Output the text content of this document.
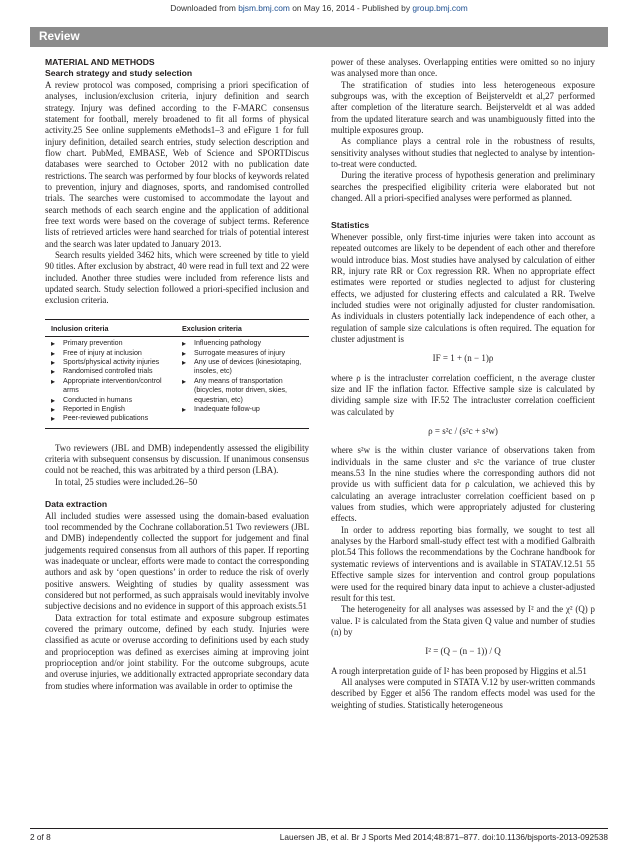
Downloaded from bjsm.bmj.com on May 16, 2014 - Published by group.bmj.com
Review
MATERIAL AND METHODS
Search strategy and study selection

A review protocol was composed, comprising a priori specification of analyses, inclusion/exclusion criteria, injury definition and search strategy. Injury was defined according to the F-MARC consensus statement for football, merely broadened to fit all forms of physical activity.25 See online supplements eMethods1–3 and eFigure 1 for full injury definition, detailed search entries, study selection description and flow chart. PubMed, EMBASE, Web of Science and SPORTDiscus databases were searched to October 2012 with no publication date restrictions. The search was performed by four blocks of keywords related to prevention, injury and diagnoses, sports, and randomised controlled trials. The searches were customised to accommodate the layout and search methods of each search engine and the application of additional free text words were based on the coverage of subject terms. Reference lists of retrieved articles were hand searched for trials of potential interest and the search was later updated to January 2013.

Search results yielded 3462 hits, which were screened by title to yield 90 titles. After exclusion by abstract, 40 were read in full text and 22 were included. Another three studies were included from reference lists and updated search. Study selection followed a priori-specified inclusion and exclusion criteria.

Inclusion criteria	Exclusion criteria
▸ Primary prevention
▸ Free of injury at inclusion
▸ Sports/physical activity injuries
▸ Randomised controlled trials
▸ Appropriate intervention/control arms
▸ Conducted in humans
▸ Reported in English
▸ Peer-reviewed publications
▸ Influencing pathology
▸ Surrogate measures of injury
▸ Any use of devices (kinesiotaping, insoles, etc)
▸ Any means of transportation (bicycles, motor driven, skies, equestrian, etc)
▸ Inadequate follow-up

Two reviewers (JBL and DMB) independently assessed the eligibility criteria with subsequent consensus by discussion. If unanimous consensus could not be reached, this was arbitrated by a third person (LBA).

In total, 25 studies were included.26–50

Data extraction

All included studies were assessed using the domain-based evaluation tool recommended by the Cochrane collaboration.51 Two reviewers (JBL and DMB) independently collected the support for judgement and final judgements required consensus from all authors of this paper. If reporting was inadequate or unclear, efforts were made to contact the corresponding authors and ask by ‘open questions’ in order to reduce the risk of overly positive answers. Weighting of studies by quality assessment was considered but not performed, as such appraisals would inevitably involve subjective decisions and no evidence in support of this approach exists.51

Data extraction for total estimate and exposure subgroup estimates covered the primary outcome, defined by each study. Injuries were classified as acute or overuse according to definitions used by each study and proprioception was defined as exercises aiming at improving joint proprioception and/or joint stability. For the outcome subgroups, acute and overuse injuries, we additionally extracted appropriate secondary data from studies where information was available in order to optimise the

power of these analyses. Overlapping entities were omitted so no injury was analysed more than once.

The stratification of studies into less heterogeneous exposure subgroups was, with the exception of Beijsterveldt et al,27 performed after completion of the literature search. Beijsterveldt et al was added from the updated literature search and was unambiguously fitted into the multiple exposures group.

As compliance plays a central role in the robustness of results, sensitivity analyses without studies that neglected to analyse by intention-to-treat were conducted.

During the iterative process of hypothesis generation and preliminary searches the prespecified eligibility criteria were elaborated but not changed. All a priori-specified analyses were performed as planned.

Statistics

Whenever possible, only first-time injuries were taken into account as repeated outcomes are likely to be dependent of each other and therefore would introduce bias. Most studies have analysed by calculation of either RR, injury rate RR or Cox regression RR. When no appropriate effect estimates were reported or studies neglected to adjust for clustering effects, we adjusted for clustering effects and calculated a RR. Twelve included studies were not originally adjusted for cluster randomisation. As individuals in clusters potentially lack independence of each other, a regulation of sample size calculations is often required. The equation for cluster adjustment is

IF = 1 + (n − 1)ρ

where ρ is the intracluster correlation coefficient, n the average cluster size and IF the inflation factor. Effective sample size is calculated by dividing sample size with IF.52 The intracluster correlation coefficient was calculated by

ρ = s²c / (s²c + s²w)

where s²w is the within cluster variance of observations taken from individuals in the same cluster and s²c the variance of true cluster means.53 In the nine studies where the corresponding authors did not provide us with sufficient data for ρ calculation, we achieved this by calculating an average intracluster correlation coefficient based on p values from studies, which were appropriately adjusted for clustering effects.

In order to address reporting bias formally, we sought to test all analyses by the Harbord small-study effect test with a modified Galbraith plot.54 This follows the recommendations by the Cochrane handbook for systematic reviews of interventions and is available in STATAV.12.51 55 Effective sample sizes for intervention and control group populations were used for the required binary data input to achieve a cluster-adjusted result for this test.

The heterogeneity for all analyses was assessed by I² and the χ² (Q) p value. I² is calculated from the Stata given Q value and number of studies (n) by

I² = (Q − (n − 1)) / Q

A rough interpretation guide of I² has been proposed by Higgins et al.51

All analyses were computed in STATA V.12 by user-written commands described by Egger et al56 The random effects model was used for the weighting of studies. Statistically heterogeneous

2 of 8	Lauersen JB, et al. Br J Sports Med 2014;48:871–877. doi:10.1136/bjsports-2013-092538
